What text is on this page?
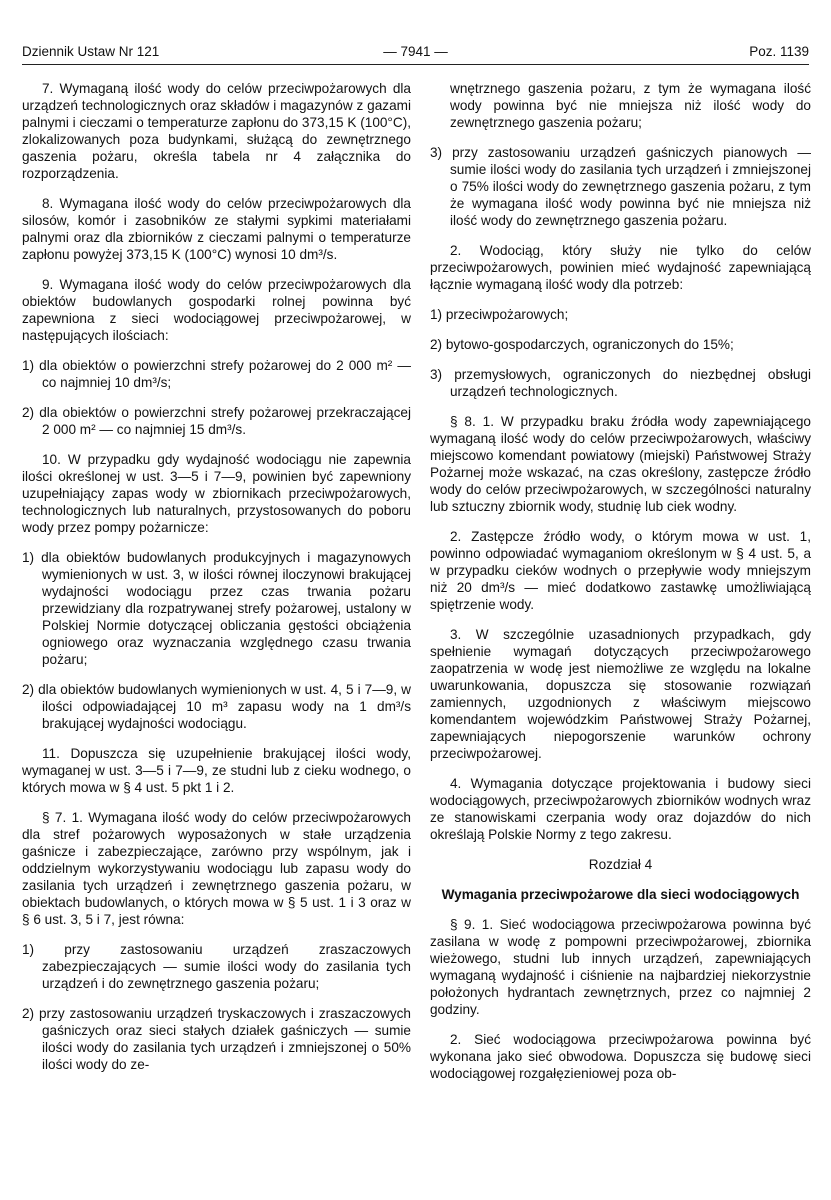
Dziennik Ustaw Nr 121	— 7941 —	Poz. 1139

7. Wymaganą ilość wody do celów przeciwpożarowych dla urządzeń technologicznych oraz składów i magazynów z gazami palnymi i cieczami o temperaturze zapłonu do 373,15 K (100°C), zlokalizowanych poza budynkami, służącą do zewnętrznego gaszenia pożaru, określa tabela nr 4 załącznika do rozporządzenia.

8. Wymagana ilość wody do celów przeciwpożarowych dla silosów, komór i zasobników ze stałymi sypkimi materiałami palnymi oraz dla zbiorników z cieczami palnymi o temperaturze zapłonu powyżej 373,15 K (100°C) wynosi 10 dm³/s.

9. Wymagana ilość wody do celów przeciwpożarowych dla obiektów budowlanych gospodarki rolnej powinna być zapewniona z sieci wodociągowej przeciwpożarowej, w następujących ilościach:

1) dla obiektów o powierzchni strefy pożarowej do 2 000 m² — co najmniej 10 dm³/s;

2) dla obiektów o powierzchni strefy pożarowej przekraczającej 2 000 m² — co najmniej 15 dm³/s.

10. W przypadku gdy wydajność wodociągu nie zapewnia ilości określonej w ust. 3—5 i 7—9, powinien być zapewniony uzupełniający zapas wody w zbiornikach przeciwpożarowych, technologicznych lub naturalnych, przystosowanych do poboru wody przez pompy pożarnicze:

1) dla obiektów budowlanych produkcyjnych i magazynowych wymienionych w ust. 3, w ilości równej iloczynowi brakującej wydajności wodociągu przez czas trwania pożaru przewidziany dla rozpatrywanej strefy pożarowej, ustalony w Polskiej Normie dotyczącej obliczania gęstości obciążenia ogniowego oraz wyznaczania względnego czasu trwania pożaru;

2) dla obiektów budowlanych wymienionych w ust. 4, 5 i 7—9, w ilości odpowiadającej 10 m³ zapasu wody na 1 dm³/s brakującej wydajności wodociągu.

11. Dopuszcza się uzupełnienie brakującej ilości wody, wymaganej w ust. 3—5 i 7—9, ze studni lub z cieku wodnego, o których mowa w § 4 ust. 5 pkt 1 i 2.

§ 7. 1. Wymagana ilość wody do celów przeciwpożarowych dla stref pożarowych wyposażonych w stałe urządzenia gaśnicze i zabezpieczające, zarówno przy wspólnym, jak i oddzielnym wykorzystywaniu wodociągu lub zapasu wody do zasilania tych urządzeń i zewnętrznego gaszenia pożaru, w obiektach budowlanych, o których mowa w § 5 ust. 1 i 3 oraz w § 6 ust. 3, 5 i 7, jest równa:

1) przy zastosowaniu urządzeń zraszaczowych zabezpieczających — sumie ilości wody do zasilania tych urządzeń i do zewnętrznego gaszenia pożaru;

2) przy zastosowaniu urządzeń tryskaczowych i zraszaczowych gaśniczych oraz sieci stałych działek gaśniczych — sumie ilości wody do zasilania tych urządzeń i zmniejszonej o 50% ilości wody do ze-

wnętrznego gaszenia pożaru, z tym że wymagana ilość wody powinna być nie mniejsza niż ilość wody do zewnętrznego gaszenia pożaru;

3) przy zastosowaniu urządzeń gaśniczych pianowych — sumie ilości wody do zasilania tych urządzeń i zmniejszonej o 75% ilości wody do zewnętrznego gaszenia pożaru, z tym że wymagana ilość wody powinna być nie mniejsza niż ilość wody do zewnętrznego gaszenia pożaru.

2. Wodociąg, który służy nie tylko do celów przeciwpożarowych, powinien mieć wydajność zapewniającą łącznie wymaganą ilość wody dla potrzeb:

1) przeciwpożarowych;

2) bytowo-gospodarczych, ograniczonych do 15%;

3) przemysłowych, ograniczonych do niezbędnej obsługi urządzeń technologicznych.

§ 8. 1. W przypadku braku źródła wody zapewniającego wymaganą ilość wody do celów przeciwpożarowych, właściwy miejscowo komendant powiatowy (miejski) Państwowej Straży Pożarnej może wskazać, na czas określony, zastępcze źródło wody do celów przeciwpożarowych, w szczególności naturalny lub sztuczny zbiornik wody, studnię lub ciek wodny.

2. Zastępcze źródło wody, o którym mowa w ust. 1, powinno odpowiadać wymaganiom określonym w § 4 ust. 5, a w przypadku cieków wodnych o przepływie wody mniejszym niż 20 dm³/s — mieć dodatkowo zastawkę umożliwiającą spiętrzenie wody.

3. W szczególnie uzasadnionych przypadkach, gdy spełnienie wymagań dotyczących przeciwpożarowego zaopatrzenia w wodę jest niemożliwe ze względu na lokalne uwarunkowania, dopuszcza się stosowanie rozwiązań zamiennych, uzgodnionych z właściwym miejscowo komendantem wojewódzkim Państwowej Straży Pożarnej, zapewniających niepogorszenie warunków ochrony przeciwpożarowej.

4. Wymagania dotyczące projektowania i budowy sieci wodociągowych, przeciwpożarowych zbiorników wodnych wraz ze stanowiskami czerpania wody oraz dojazdów do nich określają Polskie Normy z tego zakresu.

Rozdział 4

Wymagania przeciwpożarowe dla sieci wodociągowych

§ 9. 1. Sieć wodociągowa przeciwpożarowa powinna być zasilana w wodę z pompowni przeciwpożarowej, zbiornika wieżowego, studni lub innych urządzeń, zapewniających wymaganą wydajność i ciśnienie na najbardziej niekorzystnie położonych hydrantach zewnętrznych, przez co najmniej 2 godziny.

2. Sieć wodociągowa przeciwpożarowa powinna być wykonana jako sieć obwodowa. Dopuszcza się budowę sieci wodociągowej rozgałęzieniowej poza ob-
